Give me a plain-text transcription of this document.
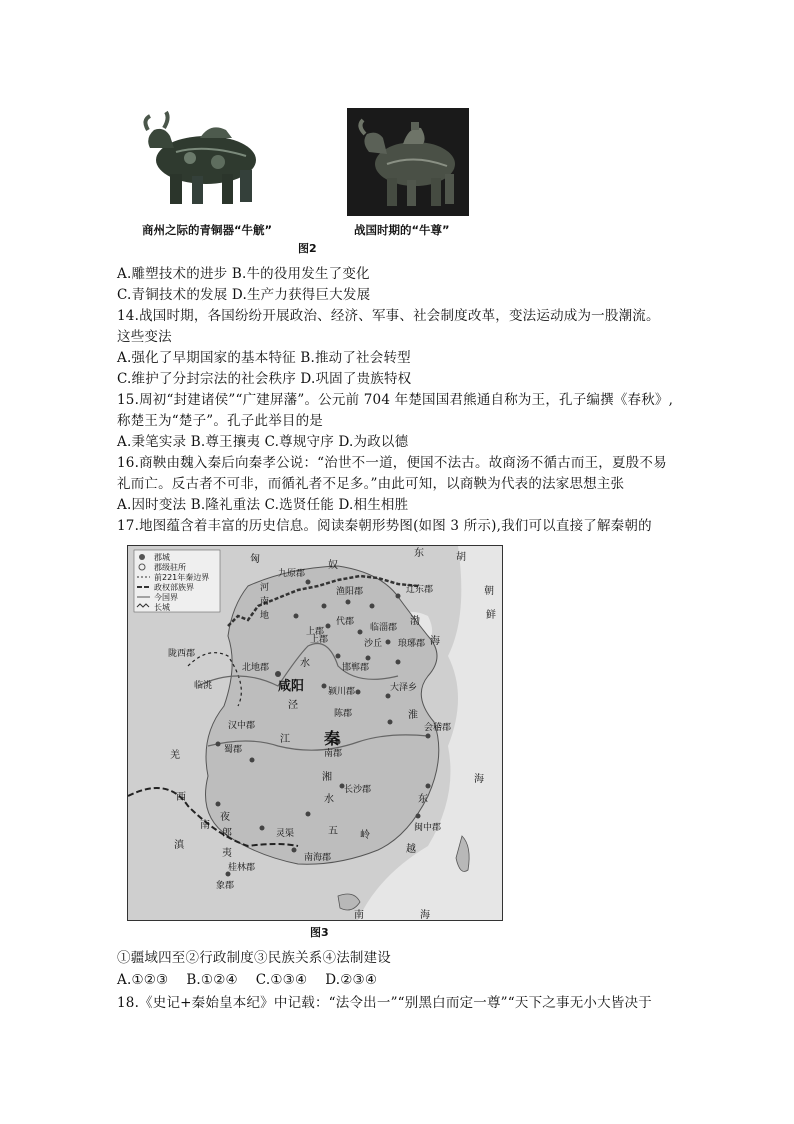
商州之际的青铜器“牛觥”	战国时期的“牛尊”
图2
A.雕塑技术的进步 B.牛的役用发生了变化
C.青铜技术的发展 D.生产力获得巨大发展
14.战国时期，各国纷纷开展政治、经济、军事、社会制度改革，变法运动成为一股潮流。
这些变法
A.强化了早期国家的基本特征 B.推动了社会转型
C.维护了分封宗法的社会秩序 D.巩固了贵族特权
15.周初“封建诸侯”“广建屏藩”。公元前 704 年楚国国君熊通自称为王，孔子编撰《春秋》,
称楚王为“楚子”。孔子此举目的是
A.秉笔实录 B.尊王攘夷 C.尊规守序 D.为政以德
16.商鞅由魏入秦后向秦孝公说：“治世不一道，便国不法古。故商汤不循古而王，夏殷不易
礼而亡。反古者不可非，而循礼者不足多。”由此可知，以商鞅为代表的法家思想主张
A.因时变法 B.隆礼重法 C.选贤任能 D.相生相胜
17.地图蕴含着丰富的历史信息。阅读秦朝形势图(如图 3 所示),我们可以直接了解秦朝的
郡城
郡级驻所
前221年秦边界
政权部族界
今国界
长城
匈
奴
东	胡
朝
鲜
九原郡
渔阳郡	辽东郡
代郡
上郡
河
南
地	渤
海
陇西郡
北地郡
咸阳
上郡
邯郸郡
琅琊郡
沙丘
临淄郡
颍川郡	大泽乡
陈郡
汉中郡
蜀郡
会稽郡
南郡
长沙郡
羌
秦
江
水
泾
淮
湘
水
西
南
夜
郎
夷
滇
桂林郡
灵渠	五 岭
南海郡
象郡
闽中郡
越
东
海
南	海
临洮
图3
①疆域四至②行政制度③民族关系④法制建设
A.①②③    B.①②④    C.①③④    D.②③④
18.《史记+秦始皇本纪》中记载：“法令出一”“别黑白而定一尊”“天下之事无小大皆决于
